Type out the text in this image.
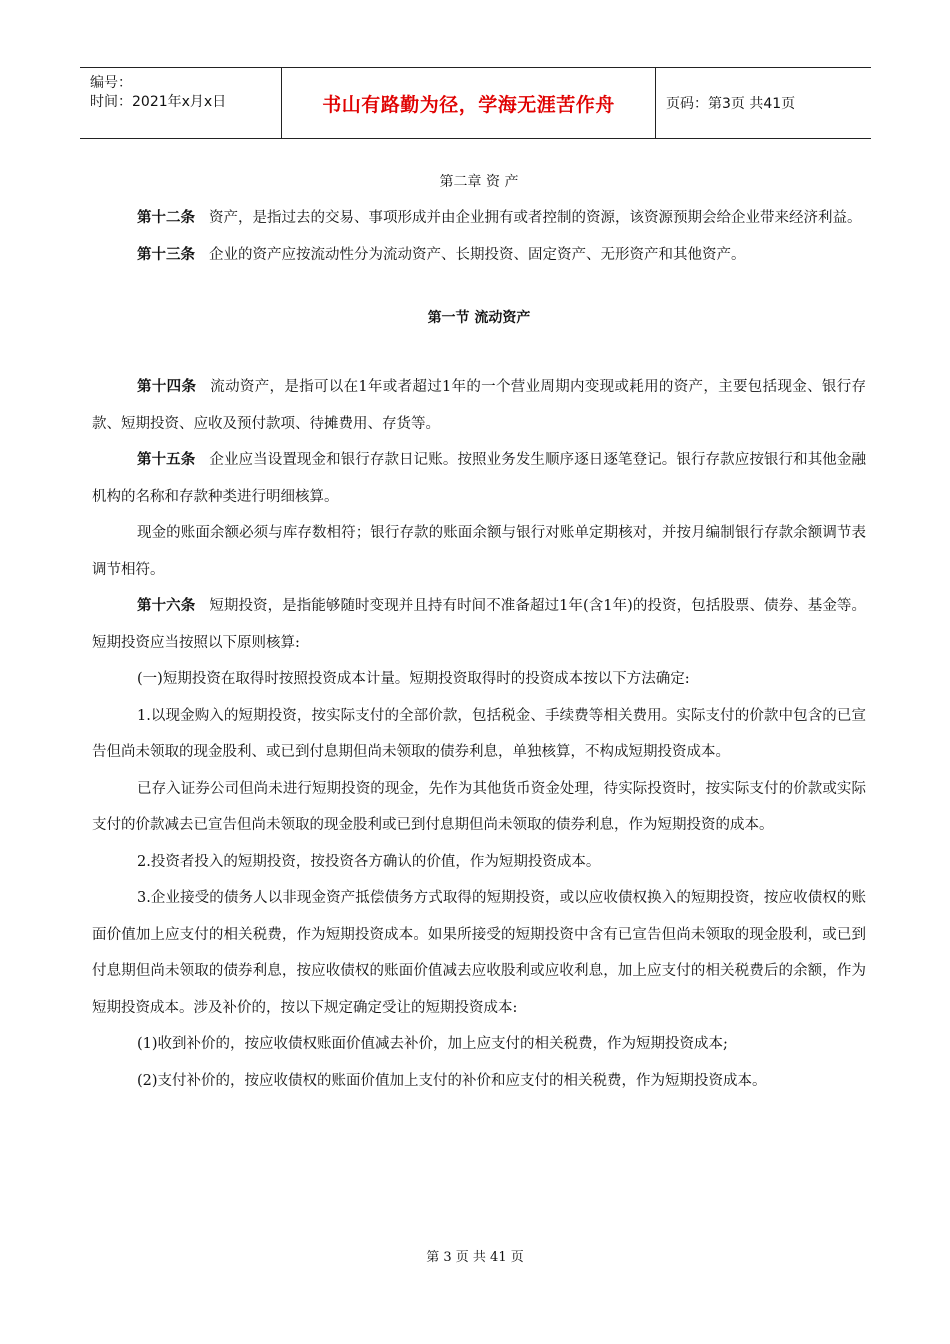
编号：
时间：2021年x月x日	书山有路勤为径，学海无涯苦作舟	页码：第3页 共41页
第二章 资 产

第十二条 资产，是指过去的交易、事项形成并由企业拥有或者控制的资源，该资源预期会给企业带来经济利益。

第十三条 企业的资产应按流动性分为流动资产、长期投资、固定资产、无形资产和其他资产。

第一节 流动资产

第十四条 流动资产，是指可以在1年或者超过1年的一个营业周期内变现或耗用的资产，主要包括现金、银行存款、短期投资、应收及预付款项、待摊费用、存货等。

第十五条 企业应当设置现金和银行存款日记账。按照业务发生顺序逐日逐笔登记。银行存款应按银行和其他金融机构的名称和存款种类进行明细核算。

现金的账面余额必须与库存数相符；银行存款的账面余额与银行对账单定期核对，并按月编制银行存款余额调节表调节相符。

第十六条 短期投资，是指能够随时变现并且持有时间不准备超过1年(含1年)的投资，包括股票、债券、基金等。短期投资应当按照以下原则核算:

(一)短期投资在取得时按照投资成本计量。短期投资取得时的投资成本按以下方法确定:

1.以现金购入的短期投资，按实际支付的全部价款，包括税金、手续费等相关费用。实际支付的价款中包含的已宣告但尚未领取的现金股利、或已到付息期但尚未领取的债券利息，单独核算，不构成短期投资成本。

已存入证券公司但尚未进行短期投资的现金，先作为其他货币资金处理，待实际投资时，按实际支付的价款或实际支付的价款减去已宣告但尚未领取的现金股利或已到付息期但尚未领取的债券利息，作为短期投资的成本。

2.投资者投入的短期投资，按投资各方确认的价值，作为短期投资成本。

3.企业接受的债务人以非现金资产抵偿债务方式取得的短期投资，或以应收债权换入的短期投资，按应收债权的账面价值加上应支付的相关税费，作为短期投资成本。如果所接受的短期投资中含有已宣告但尚未领取的现金股利，或已到付息期但尚未领取的债券利息，按应收债权的账面价值减去应收股利或应收利息，加上应支付的相关税费后的余额，作为短期投资成本。涉及补价的，按以下规定确定受让的短期投资成本:

(1)收到补价的，按应收债权账面价值减去补价，加上应支付的相关税费，作为短期投资成本;

(2)支付补价的，按应收债权的账面价值加上支付的补价和应支付的相关税费，作为短期投资成本。

第 3 页 共 41 页
